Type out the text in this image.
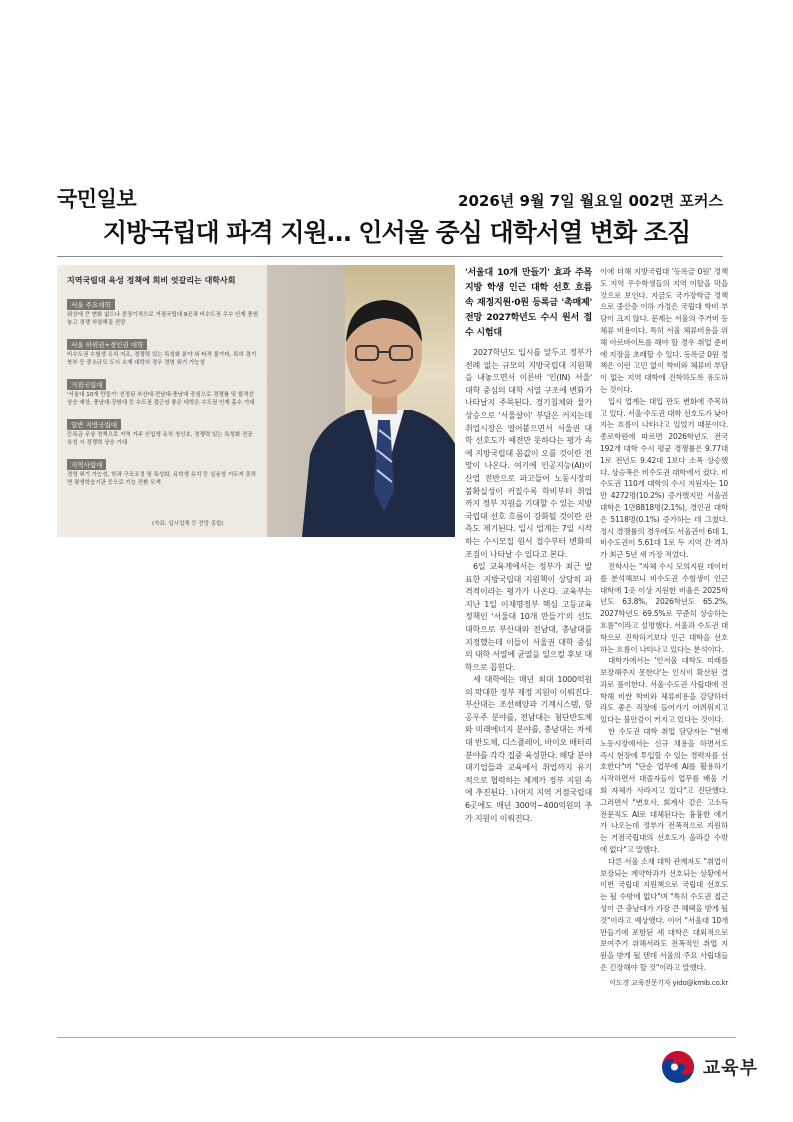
국민일보	2026년 9월 7일 월요일 002면 포커스
지방국립대 파격 지원… 인서울 중심 대학서열 변화 조짐
지역국립대 육성 정책에 희비 엇갈리는 대학사회
서울 주요대학
위상에 큰 변화 없으나 중장기적으로 거점국립대 9곳과 비수도권 우수 인재 충원 놓고 경쟁 치열해질 전망
서울 하위권+경인권 대학
비수도권 수험생 유치 저조, 경쟁력 있는 특성화 분야 외 타격 불가피, 특히 경기 북부 등 중소규모 도시 소재 대학의 경우 경영 위기 가능성
거점국립대
'서울대 10개 만들기' 선정된 부산대·전남대·충남대 중심으로 경쟁률 및 합격선 상승 예상, 충남대·강원대 등 수도권 접근성 좋은 대학은 수도권 인재 흡수 기대
일반 지방국립대
등록금 무상 정책으로 지역 거주 신입생 유치 청신호, 경쟁력 있는 특성화 전공 육성 시 경쟁력 상승 기대
지역사립대
경영 위기 가능성, 학과 구조조정 및 특성화, 유학생 유치 등 실용성 거두지 못하면 평생학습기관 등으로 기능 전환 모색
(자료: 입시업체 등 전망 종합)
'서울대 10개 만들기' 효과 주목 지방 학생 인근 대학 선호 흐름 속 재정지원·0원 등록금 '촉매제' 전망 2027학년도 수시 원서 접수 시험대

2027학년도 입시를 앞두고 정부가 전례 없는 규모의 지방국립대 지원책을 내놓으면서 이른바 '인(IN) 서울' 대학 중심의 대학 서열 구조에 변화가 나타날지 주목된다. 경기침체와 물가 상승으로 '서울살이' 부담은 커지는데 취업시장은 얼어붙으면서 서울권 대학 선호도가 예전만 못하다는 평가 속에 지방국립대 몸값이 오를 것이란 전망이 나온다. 여기에 인공지능(AI)이 산업 전반으로 파고들어 노동시장의 불확실성이 커질수록 학비부터 취업까지 정부 지원을 기대할 수 있는 지방국립대 선호 흐름이 강화될 것이란 관측도 제기된다. 입시 업계는 7일 시작하는 수시모집 원서 접수부터 변화의 조짐이 나타날 수 있다고 본다.

6일 교육계에서는 정부가 최근 발표한 지방국립대 지원책이 상당히 파격적이라는 평가가 나온다. 교육부는 지난 1일 이재명정부 핵심 고등교육 정책인 '서울대 10개 만들기'의 선도 대학으로 부산대와 전남대, 충남대를 지정했는데 이들이 서울권 대학 중심의 대학 서열에 균열을 일으킬 후보 대학으로 꼽힌다.

이에 더해 지방국립대 '등록금 0원' 정책도 지역 우수학생들의 지역 이탈을 막을 것으로 보인다. 지금도 국가장학금 정책으로 중산층 이하 가정은 국립대 학비 부담이 크지 않다. 문제는 서울의 주거비 등 체류 비용이다. 특히 서울 체류비용을 위해 아르바이트를 해야 할 경우 취업 준비에 지장을 초래할 수 있다. 등록금 0원 정책은 이런 고민 없이 학비와 체류비 부담이 없는 지역 대학에 진학하도록 유도하는 것이다.

입시 업계는 대입 판도 변화에 주목하고 있다. 서울·수도권 대학 선호도가 낮아지는 흐름이 나타나고 있었기 때문이다. 종로학원에 따르면 2026학년도 전국 192개 대학 수시 평균 경쟁률은 9.77대 1로 전년도 9.42대 1보다 소폭 상승했다. 상승폭은 비수도권 대학에서 컸다. 비수도권 110개 대학의 수시 지원자는 10만 4272명(10.2%) 증가했지만 서울권 대학은 1만8818명(2.1%), 경인권 대학은 5118명(0.1%) 증가하는 데 그쳤다. 정시 경쟁률의 경우에도 서울권이 6대 1, 비수도권이 5.61대 1로 두 지역 간 격차가 최근 5년 새 가장 적었다.

진학사는 "자체 수시 모의지원 데이터를 분석해보니 비수도권 수험생이 인근 대학에 1곳 이상 지원한 비율은 2025학년도 63.8%, 2026학년도 65.2%, 2027학년도 69.5%로 꾸준히 상승하는 흐름"이라고 설명했다. 서울과 수도권 대학으로 진학하기보다 인근 대학을 선호하는 흐름이 나타나고 있다는 분석이다.

대학가에서는 '인서울 대학도 미래를 보장해주지 못한다'는 인식이 확산된 결과로 풀이한다. 서울·수도권 사립대에 진학해 비싼 학비와 체류비용을 감당하더라도 좋은 직장에 들어가기 어려워지고 있다는 불안감이 커지고 있다는 것이다.

한 수도권 대학 취업 담당자는 "현재 노동시장에서는 신규 채용을 하면서도 즉시 현장에 투입할 수 있는 경력자를 선호한다"며 "단순 업무에 AI를 활용하기 시작하면서 대졸자들이 업무를 배울 기회 자체가 사라지고 있다"고 진단했다. 그러면서 "변호사, 회계사 같은 고소득 전문직도 AI로 대체된다는 흉흉한 얘기가 나오는데 정부가 전폭적으로 지원하는 거점국립대의 선호도가 올라갈 수밖에 없다"고 말했다.

다른 서울 소재 대학 관계자도 "취업이 보장되는 계약학과가 선호되는 상황에서 이번 국립대 지원책으로 국립대 선호도는 될 수밖에 없다"며 "특히 수도권 접근성이 큰 충남대가 가장 큰 혜택을 받게 될 것"이라고 예상했다. 이어 "서울대 10개 만들기에 포함된 세 대학은 대외적으로 보여주기 위해서라도 전폭적인 취업 지원을 받게 될 텐데 서울의 주요 사립대들은 긴장해야 할 것"이라고 말했다.

이도경 교육전문기자 yido@kmib.co.kr

세 대학에는 매년 최대 1000억원의 막대한 정부 재정 지원이 이뤄진다. 부산대는 조선해양과 기계시스템, 항공우주 분야를, 전남대는 첨단반도체와 미래에너지 분야를, 충남대는 차세대 반도체, 디스플레이, 바이오 배터리 분야를 각각 집중 육성한다. 해당 분야 대기업들과 교육에서 취업까지 유기적으로 협력하는 체계가 정부 지원 속에 추진된다. 나머지 지역 거점국립대 6곳에도 매년 300억~400억원의 추가 지원이 이뤄진다.

교육부
